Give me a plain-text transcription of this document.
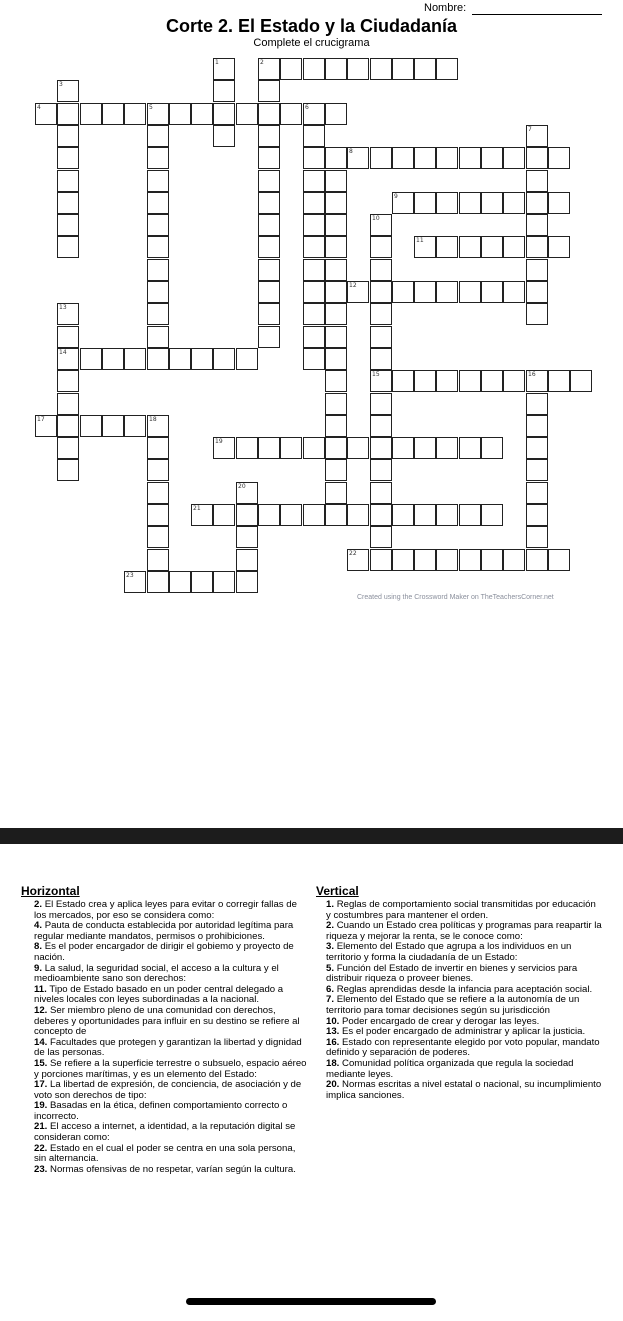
Nombre:
Corte 2. El Estado y la Ciudadanía
Complete el crucigrama
1	2
3
4	5	6
7
8
9
10
15
11
12
13
14
16
17	18
19
20
21
22
23
Created using the Crossword Maker on TheTeachersCorner.net
Horizontal	Vertical

2. El Estado crea y aplica leyes para evitar o corregir fallas de los mercados, por eso se considera como:

4. Pauta de conducta establecida por autoridad legítima para regular mediante mandatos, permisos o prohibiciones.

8. Es el poder encargador de dirigir el gobiemo y proyecto de nación.

9. La salud, la seguridad social, el acceso a la cultura y el medioambiente sano son derechos:

11. Tipo de Estado basado en un poder central delegado a niveles locales con leyes subordinadas a la nacional.

12. Ser miembro pleno de una comunidad con derechos, deberes y oportunidades para influir en su destino se refiere al concepto de

14. Facultades que protegen y garantizan la libertad y dignidad de las personas.

15. Se refiere a la superficie terrestre o subsuelo, espacio aéreo y porciones marítimas, y es un elemento del Estado:

17. La libertad de expresión, de conciencia, de asociación y de voto son derechos de tipo:

19. Basadas en la ética, definen comportamiento correcto o incorrecto.

21. El acceso a internet, a identidad, a la reputación digital se consideran como:

22. Estado en el cual el poder se centra en una sola persona, sin alternancia.

23. Normas ofensivas de no respetar, varían según la cultura.

1. Reglas de comportamiento social transmitidas por educación y costumbres para mantener el orden.

2. Cuando un Estado crea políticas y programas para reapartir la riqueza y mejorar la renta, se le conoce como:

3. Elemento del Estado que agrupa a los individuos en un territorio y forma la ciudadanía de un Estado:

5. Función del Estado de invertir en bienes y servicios para distribuir riqueza o proveer bienes.

6. Reglas aprendidas desde la infancia para aceptación social.

7. Elemento del Estado que se refiere a la autonomía de un territorio para tomar decisiones según su jurisdicción

10. Poder encargado de crear y derogar las leyes.

13. Es el poder encargado de administrar y aplicar la justicia.

16. Estado con representante elegido por voto popular, mandato definido y separación de poderes.

18. Comunidad política organizada que regula la sociedad mediante leyes.

20. Normas escritas a nivel estatal o nacional, su incumplimiento implica sanciones.
